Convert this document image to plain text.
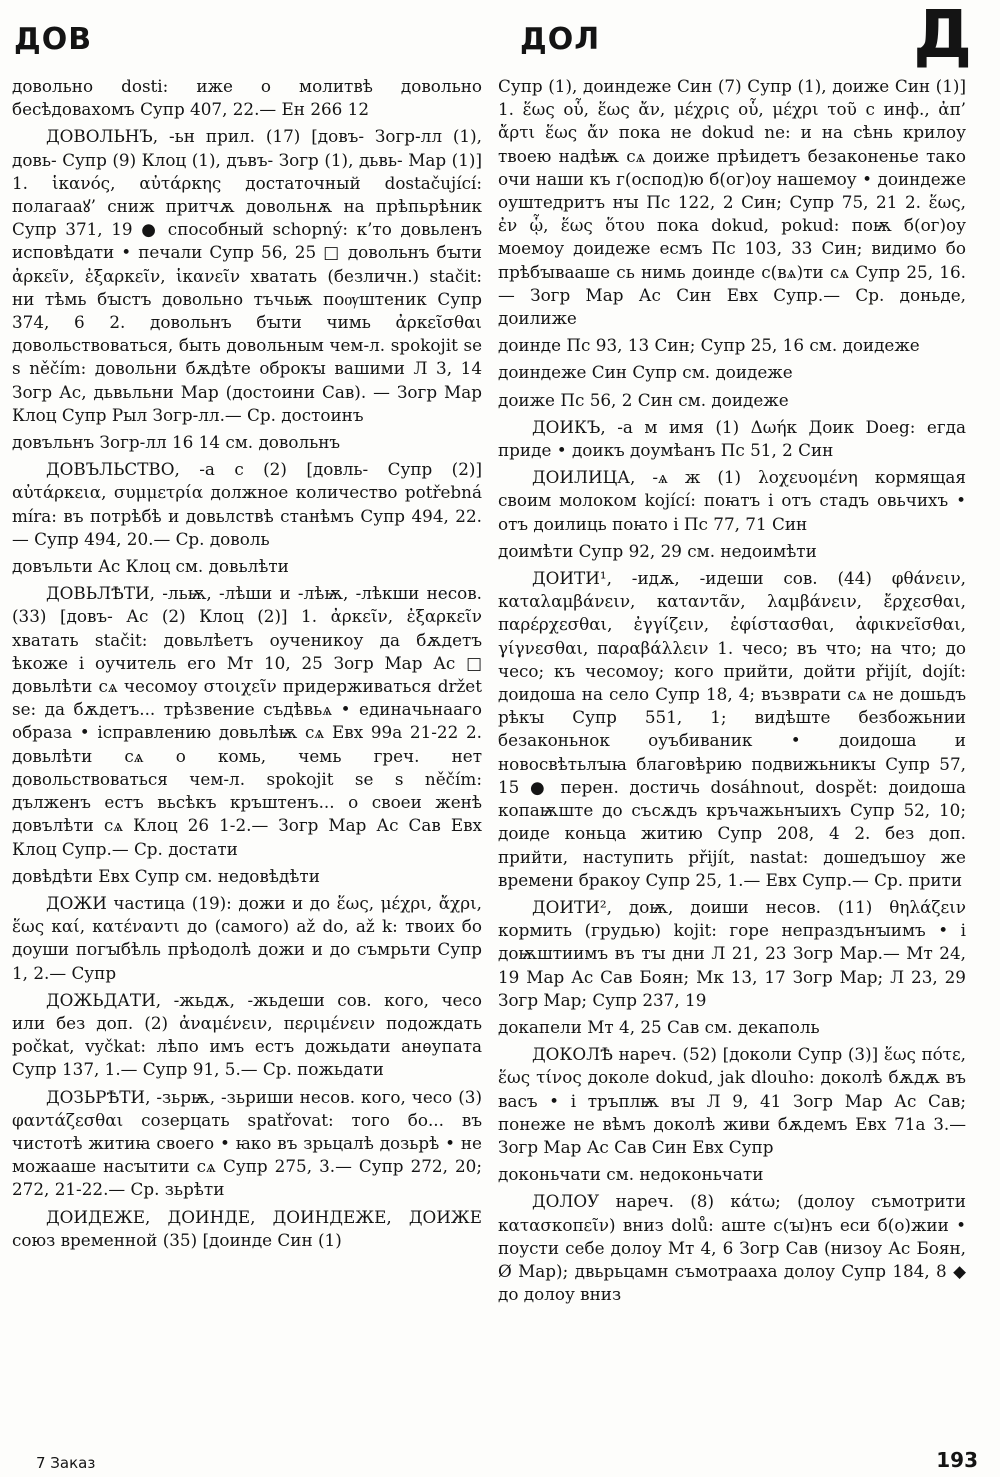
ДОВ	ДОЛ	Д

довольно dosti: иже о молитвѣ довольно бесѣдовахомъ Супр 407, 22.— Ен 266 12

ДОВОЛЬНЪ, -ьн прил. (17) [довъ- Зогр-лл (1), довь- Супр (9) Клоц (1), дъвъ- Зогр (1), дьвь- Мар (1)] 1. ἱκανός, αὐτάρκης достаточный dostačující: полагааꙋ’ сниж притчѫ довольнѫ на прѣпьрѣник Супр 371, 19 ● способный schopný: к’то довьленъ исповѣдати • печали Супр 56, 25 □ довольнъ бꙑти ἀρκεῖν, ἐξαρκεῖν, ἱκανεῖν хватать (безличн.) stačit: ни тѣмь бꙑстъ довольно тъчьѭ поѹштеник Супр 374, 6 2. довольнъ бꙑти чимь ἀρκεῖσθαι довольствоваться, быть довольным чем-л. spokojit se s něčím: довольни бѫдѣте оброкꙑ вашими Л 3, 14 Зогр Ас, дьвьльни Мар (достоини Сав). — Зогр Мар Клоц Супр Рыл Зогр-лл.— Ср. достоинъ

довъльнъ Зогр-лл 16 14 см. довольнъ

ДОВЪЛЬСТВО, -а с (2) [довль- Супр (2)] αὐτάρκεια, συμμετρία должное количество potřebná míra: въ потрѣбѣ и довьлствѣ станѣмъ Супр 494, 22.— Супр 494, 20.— Ср. доволь

довъльти Ас Клоц см. довьлѣти

ДОВЬЛѢТИ, -льѭ, -лѣши и -лѣѭ, -лѣкши несов. (33) [довъ- Ас (2) Клоц (2)] 1. ἀρκεῖν, ἐξαρκεῖν хватать stačit: довьлѣетъ оученикоу да бѫдетъ ѣкоже і оучитель его Мт 10, 25 Зогр Мар Ас □ довьлѣти сѧ чесомоу στοιχεῖν придерживаться držet se: да бѫдетъ... трѣзвение съдѣвьѧ • единачьнааго образа • іспpавлению довьлѣѭ сѧ Евх 99а 21-22 2. довьлѣти сѧ о комь, чемь греч. нет довольствоваться чем-л. spokojit se s něčím: дълженъ естъ вьсѣкъ кръштенъ... о своеи женѣ довълѣти сѧ Клоц 26 1-2.— Зогр Мар Ас Сав Евх Клоц Супр.— Ср. достати

довѣдѣти Евх Супр см. недовѣдѣти

ДОЖИ частица (19): дожи и до ἕως, μέχρι, ἄχρι, ἕως καί, κατέναντι до (самого) až do, až k: твоих бо доуши погꙑбѣль прѣодолѣ дожи и до съмрьти Супр 1, 2.— Супр

ДОЖЬДАТИ, -жьдѫ, -жьдеши сов. кого, чесо или без доп. (2) ἀναμένειν, περιμένειν подождать počkat, vyčkat: лѣпо имъ естъ дожьдати анѳупата Супр 137, 1.— Супр 91, 5.— Ср. пожьдати

ДОЗЬРѢТИ, -зьрѭ, -зьриши несов. кого, чесо (3) φαντάζεσθαι созерцать spatřovat: того бо... въ чистотѣ житиꙗ своего • ꙗко въ зрьцалѣ дозьрѣ • не можааше насꙑтити сѧ Супр 275, 3.— Супр 272, 20; 272, 21-22.— Ср. зьрѣти

ДОИДЕЖЕ, ДОИНДЕ, ДОИНДЕЖЕ, ДОИЖЕ союз временной (35) [доиндe Син (1)

Супр (1), доиндеже Син (7) Супр (1), доиже Син (1)] 1. ἕως οὗ, ἕως ἄν, μέχρις οὗ, μέχρι τοῦ с инф., ἀπ’ ἄρτι ἕως ἄν пока не dokud ne: и на сѣнь крилоу твоею надѣѭ сѧ доиже прѣидетъ безаконенье тако очи наши къ г(оспод)ю б(ог)оу нашемоу • доиндеже оуштедритъ нꙑ Пс 122, 2 Син; Супр 75, 21 2. ἕως, ἐν ᾧ, ἕως ὅτου пока dokud, pokud: поѭ б(ог)оу моемоу доидеже есмъ Пс 103, 33 Син; видимо бо прѣбꙑвааше сь нимь доиндe с(вѧ)ти сѧ Супр 25, 16.— Зогр Мар Ас Син Евх Супр.— Ср. доньде, доилиже

доинде Пс 93, 13 Син; Супр 25, 16 см. доидеже

доиндеже Син Супр см. доидеже

доиже Пс 56, 2 Син см. доидеже

ДОИКЪ, -а м имя (1) Δωήκ Доик Doeg: егда приде • доикъ доумѣанъ Пс 51, 2 Син

ДОИЛИЦА, -ѧ ж (1) λοχευομένη кормящая своим молоком kojící: поꙗтъ і отъ стадъ овьчихъ • отъ доилиць поꙗто і Пс 77, 71 Син

доимѣти Супр 92, 29 см. недоимѣти

ДОИТИ¹, -идѫ, -идеши сов. (44) φθάνειν, καταλαμβάνειν, καταντᾶν, λαμβάνειν, ἔρχεσθαι, παρέρχεσθαι, ἐγγίζειν, ἐφίστασθαι, ἀφικνεῖσθαι, γίγνεσθαι, παραβάλλειν 1. чесо; въ что; на что; до чесо; къ чесомоу; кого прийти, дойти přijít, dojít: доидоша на село Супр 18, 4; възврати сѧ не дошьдъ рѣкꙑ Супр 551, 1; видѣште безбожьнии безаконьнок оуъбиваник • доидоша и новосвѣтьлꙑꙗ благовѣрию подвижьникꙑ Супр 57, 15 ● перен. достичь dosáhnout, dospět: доидоша копаѭште до съсѫдъ кръчажьнꙑихъ Супр 52, 10; доиде коньца житию Супр 208, 4 2. без доп. прийти, наступить přijít, nastat: дошедъшоу же времени бракоу Супр 25, 1.— Евх Супр.— Ср. прити

ДОИТИ², доѭ, доиши несов. (11) θηλάζειν кормить (грудью) kojit: горе непраздънꙑимъ • і доѭштиимъ въ тꙑ дни Л 21, 23 Зогр Мар.— Мт 24, 19 Мар Ас Сав Боян; Мк 13, 17 Зогр Мар; Л 23, 29 Зогр Мар; Супр 237, 19

докапели Мт 4, 25 Сав см. декаполь

ДОКОЛѢ нареч. (52) [доколи Супр (3)] ἕως πότε, ἕως τίνος доколе dokud, jak dlouho: доколѣ бѫдѫ въ васъ • і тръплѭ вꙑ Л 9, 41 Зогр Мар Ас Сав; понеже не вѣмъ доколѣ живи бѫдемъ Евх 71а 3.— Зогр Мар Ас Сав Син Евх Супр

доконьчати см. недоконьчати

ДОЛОУ нареч. (8) κάτω; (долоу съмотрити κατασκοπεῖν) вниз dolů: аште с(ꙑ)нъ еси б(о)жии • поусти себе долоу Мт 4, 6 Зогр Сав (низоу Ас Боян, Ø Мар); двьрьцамн съмотрааха долоу Супр 184, 8 ◆ до долоу вниз

7 Заказ	193
